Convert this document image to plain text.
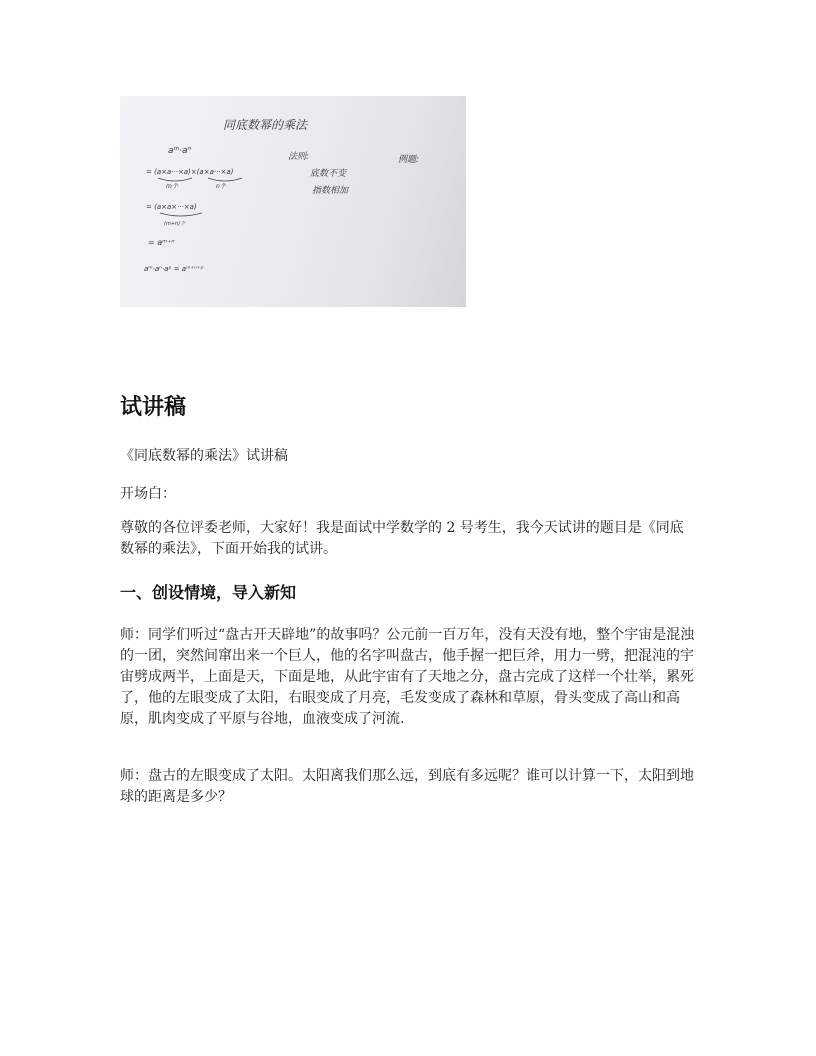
同底数幂的乘法
aᵐ·aⁿ
= (a×a···×a)×(a×a···×a)
m个	n个
= (a×a×···×a)
(m+n)个
= aᵐ⁺ⁿ
aᵐ·aⁿ·aᵖ = aᵐ⁺ⁿ⁺ᵖ
法则:
底数不变
指数相加
例题:
试讲稿

《同底数幂的乘法》试讲稿

开场白：

尊敬的各位评委老师，大家好！我是面试中学数学的 2 号考生，我今天试讲的题目是《同底数幂的乘法》，下面开始我的试讲。

一、创设情境，导入新知

师：同学们听过“盘古开天辟地”的故事吗？公元前一百万年，没有天没有地，整个宇宙是混浊的一团，突然间窜出来一个巨人，他的名字叫盘古，他手握一把巨斧，用力一劈，把混沌的宇宙劈成两半，上面是天，下面是地，从此宇宙有了天地之分，盘古完成了这样一个壮举，累死了，他的左眼变成了太阳，右眼变成了月亮，毛发变成了森林和草原，骨头变成了高山和高原，肌肉变成了平原与谷地，血液变成了河流.

师：盘古的左眼变成了太阳。太阳离我们那么远，到底有多远呢？谁可以计算一下，太阳到地球的距离是多少？
